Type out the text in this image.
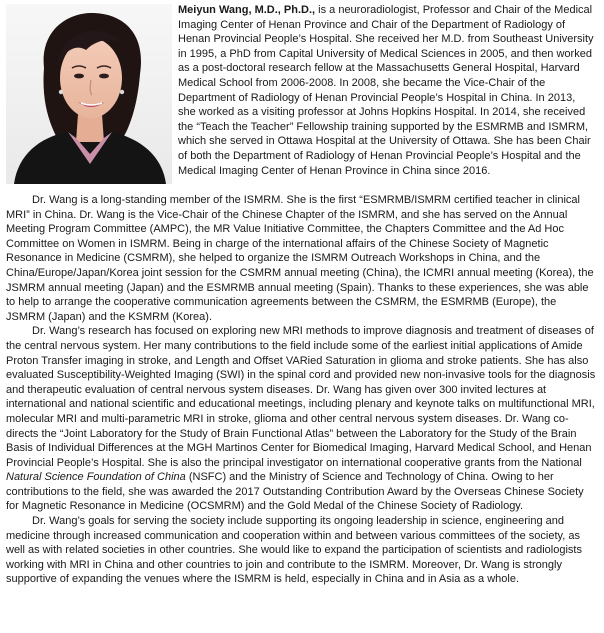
Meiyun Wang, M.D., Ph.D., is a neuroradiologist, Professor and Chair of the Medical Imaging Center of Henan Province and Chair of the Department of Radiology of Henan Provincial People’s Hospital. She received her M.D. from Southeast University in 1995, a PhD from Capital University of Medical Sciences in 2005, and then worked as a post-doctoral research fellow at the Massachusetts General Hospital, Harvard Medical School from 2006-2008. In 2008, she became the Vice-Chair of the Department of Radiology of Henan Provincial People’s Hospital in China. In 2013, she worked as a visiting professor at Johns Hopkins Hospital. In 2014, she received the “Teach the Teacher” Fellowship training supported by the ESMRMB and ISMRM, which she served in Ottawa Hospital at the University of Ottawa. She has been Chair of both the Department of Radiology of Henan Provincial People’s Hospital and the Medical Imaging Center of Henan Province in China since 2016.

Dr. Wang is a long-standing member of the ISMRM. She is the first “ESMRMB/ISMRM certified teacher in clinical MRI” in China. Dr. Wang is the Vice-Chair of the Chinese Chapter of the ISMRM, and she has served on the Annual Meeting Program Committee (AMPC), the MR Value Initiative Committee, the Chapters Committee and the Ad Hoc Committee on Women in ISMRM. Being in charge of the international affairs of the Chinese Society of Magnetic Resonance in Medicine (CSMRM), she helped to organize the ISMRM Outreach Workshops in China, and the China/Europe/Japan/Korea joint session for the CSMRM annual meeting (China), the ICMRI annual meeting (Korea), the JSMRM annual meeting (Japan) and the ESMRMB annual meeting (Spain). Thanks to these experiences, she was able to help to arrange the cooperative communication agreements between the CSMRM, the ESMRMB (Europe), the JSMRM (Japan) and the KSMRM (Korea).

Dr. Wang’s research has focused on exploring new MRI methods to improve diagnosis and treatment of diseases of the central nervous system. Her many contributions to the field include some of the earliest initial applications of Amide Proton Transfer imaging in stroke, and Length and Offset VARied Saturation in glioma and stroke patients. She has also evaluated Susceptibility-Weighted Imaging (SWI) in the spinal cord and provided new non-invasive tools for the diagnosis and therapeutic evaluation of central nervous system diseases. Dr. Wang has given over 300 invited lectures at international and national scientific and educational meetings, including plenary and keynote talks on multifunctional MRI, molecular MRI and multi-parametric MRI in stroke, glioma and other central nervous system diseases. Dr. Wang co-directs the “Joint Laboratory for the Study of Brain Functional Atlas” between the Laboratory for the Study of the Brain Basis of Individual Differences at the MGH Martinos Center for Biomedical Imaging, Harvard Medical School, and Henan Provincial People’s Hospital. She is also the principal investigator on international cooperative grants from the National Natural Science Foundation of China (NSFC) and the Ministry of Science and Technology of China. Owing to her contributions to the field, she was awarded the 2017 Outstanding Contribution Award by the Overseas Chinese Society for Magnetic Resonance in Medicine (OCSMRM) and the Gold Medal of the Chinese Society of Radiology.

Dr. Wang’s goals for serving the society include supporting its ongoing leadership in science, engineering and medicine through increased communication and cooperation within and between various committees of the society, as well as with related societies in other countries. She would like to expand the participation of scientists and radiologists working with MRI in China and other countries to join and contribute to the ISMRM. Moreover, Dr. Wang is strongly supportive of expanding the venues where the ISMRM is held, especially in China and in Asia as a whole.
